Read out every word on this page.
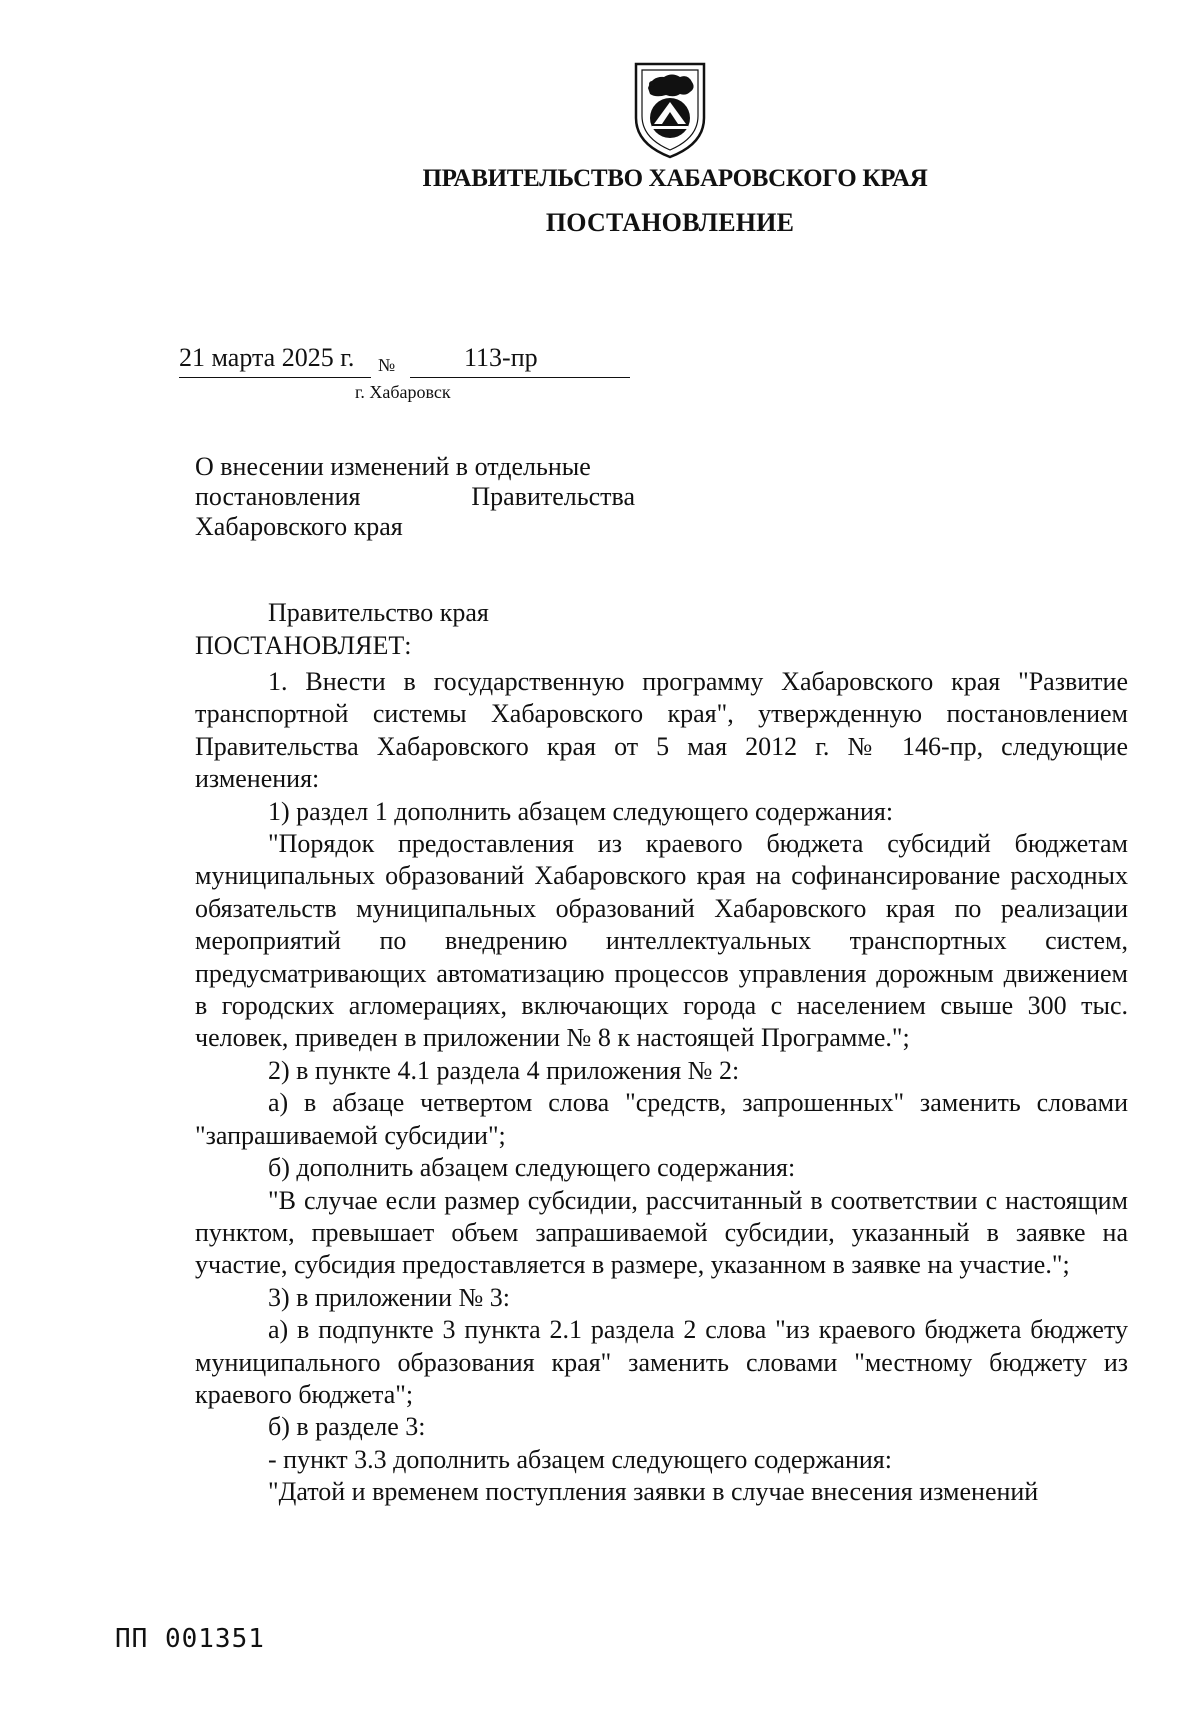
ПРАВИТЕЛЬСТВО ХАБАРОВСКОГО КРАЯ
ПОСТАНОВЛЕНИЕ
21 марта 2025 г. №	113-пр
г. Хабаровск
О внесении изменений в отдельные
постановления	Правительства
Хабаровского края
Правительство края
ПОСТАНОВЛЯЕТ:

1. Внести в государственную программу Хабаровского края "Развитие транспортной системы Хабаровского края", утвержденную постановлением Правительства Хабаровского края от 5 мая 2012 г. № 146-пр, следующие изменения:

1) раздел 1 дополнить абзацем следующего содержания:

"Порядок предоставления из краевого бюджета субсидий бюджетам муниципальных образований Хабаровского края на софинансирование расходных обязательств муниципальных образований Хабаровского края по реализации мероприятий по внедрению интеллектуальных транспортных систем, предусматривающих автоматизацию процессов управления дорожным движением в городских агломерациях, включающих города с населением свыше 300 тыс. человек, приведен в приложении № 8 к настоящей Программе.";

2) в пункте 4.1 раздела 4 приложения № 2:

а) в абзаце четвертом слова "средств, запрошенных" заменить словами "запрашиваемой субсидии";

б) дополнить абзацем следующего содержания:

"В случае если размер субсидии, рассчитанный в соответствии с настоящим пунктом, превышает объем запрашиваемой субсидии, указанный в заявке на участие, субсидия предоставляется в размере, указанном в заявке на участие.";

3) в приложении № 3:

а) в подпункте 3 пункта 2.1 раздела 2 слова "из краевого бюджета бюджету муниципального образования края" заменить словами "местному бюджету из краевого бюджета";

б) в разделе 3:

- пункт 3.3 дополнить абзацем следующего содержания:

"Датой и временем поступления заявки в случае внесения изменений

ПП 001351
